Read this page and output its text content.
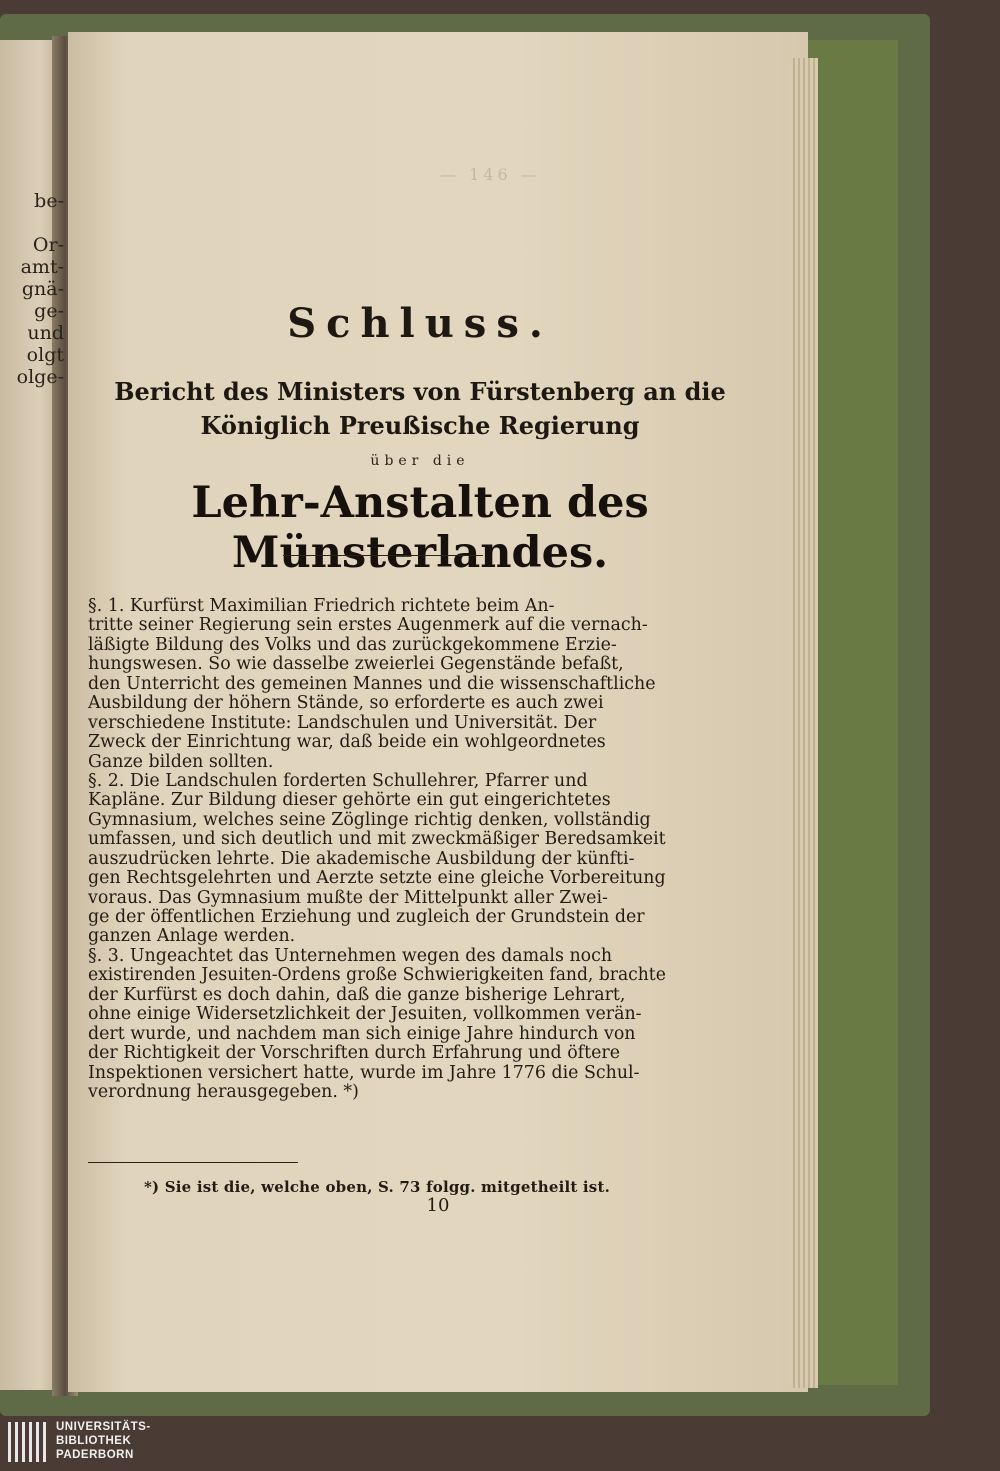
be-
Or-
amt-
gnä-
ge-
und
olgt
olge-
— 146 —
Schluss.
Bericht des Ministers von Fürstenberg an die
Königlich Preußische Regierung
über die
Lehr-Anstalten des Münsterlandes.
§. 1. Kurfürst Maximilian Friedrich richtete beim An-
tritte seiner Regierung sein erstes Augenmerk auf die vernach-
läßigte Bildung des Volks und das zurückgekommene Erzie-
hungswesen. So wie dasselbe zweierlei Gegenstände befaßt,
den Unterricht des gemeinen Mannes und die wissenschaftliche
Ausbildung der höhern Stände, so erforderte es auch zwei
verschiedene Institute: Landschulen und Universität. Der
Zweck der Einrichtung war, daß beide ein wohlgeordnetes
Ganze bilden sollten.
§. 2. Die Landschulen forderten Schullehrer, Pfarrer und
Kapläne. Zur Bildung dieser gehörte ein gut eingerichtetes
Gymnasium, welches seine Zöglinge richtig denken, vollständig
umfassen, und sich deutlich und mit zweckmäßiger Beredsamkeit
auszudrücken lehrte. Die akademische Ausbildung der künfti-
gen Rechtsgelehrten und Aerzte setzte eine gleiche Vorbereitung
voraus. Das Gymnasium mußte der Mittelpunkt aller Zwei-
ge der öffentlichen Erziehung und zugleich der Grundstein der
ganzen Anlage werden.
§. 3. Ungeachtet das Unternehmen wegen des damals noch
existirenden Jesuiten-Ordens große Schwierigkeiten fand, brachte
der Kurfürst es doch dahin, daß die ganze bisherige Lehrart,
ohne einige Widersetzlichkeit der Jesuiten, vollkommen verän-
dert wurde, und nachdem man sich einige Jahre hindurch von
der Richtigkeit der Vorschriften durch Erfahrung und öftere
Inspektionen versichert hatte, wurde im Jahre 1776 die Schul-
verordnung herausgegeben. *)
*) Sie ist die, welche oben, S. 73 folgg. mitgetheilt ist.
10
UNIVERSITÄTS-
BIBLIOTHEK
PADERBORN
